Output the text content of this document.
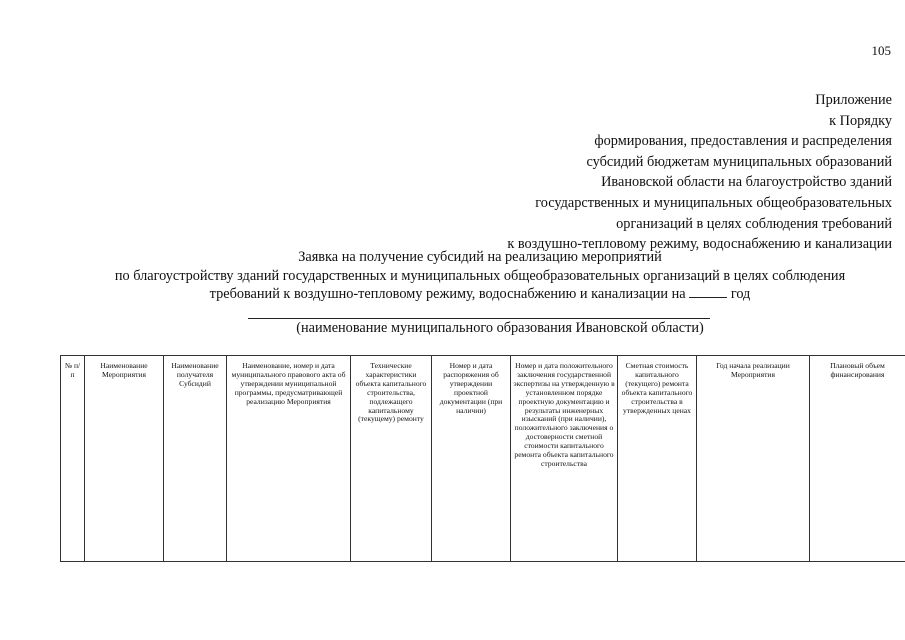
105
Приложение
к Порядку
формирования, предоставления и распределения
субсидий бюджетам муниципальных образований
Ивановской области на благоустройство зданий
государственных и муниципальных общеобразовательных
организаций в целях соблюдения требований
к воздушно-тепловому режиму, водоснабжению и канализации
Заявка на получение субсидий на реализацию мероприятий
по благоустройству зданий государственных и муниципальных общеобразовательных организаций в целях соблюдения
требований к воздушно-тепловому режиму, водоснабжению и канализации на	год
(наименование муниципального образования Ивановской области)
№ п/п	Наименование Мероприятия	Наименование получателя Субсидий	Наименование, номер и дата муниципального правового акта об утверждении муниципальной программы, предусматривающей реализацию Мероприятия	Технические характеристики объекта капитального строительства, подлежащего капитальному (текущему) ремонту	Номер и дата распоряжения об утверждении проектной документации (при наличии)	Номер и дата положительного заключения государственной экспертизы на утвержденную в установленном порядке проектную документацию и результаты инженерных изысканий (при наличии), положительного заключения о достоверности сметной стоимости капитального ремонта объекта капитального строительства	Сметная стоимость капитального (текущего) ремонта объекта капитального строительства в утвержденных ценах	Год начала реализации Мероприятия	Плановый объем финансирования
